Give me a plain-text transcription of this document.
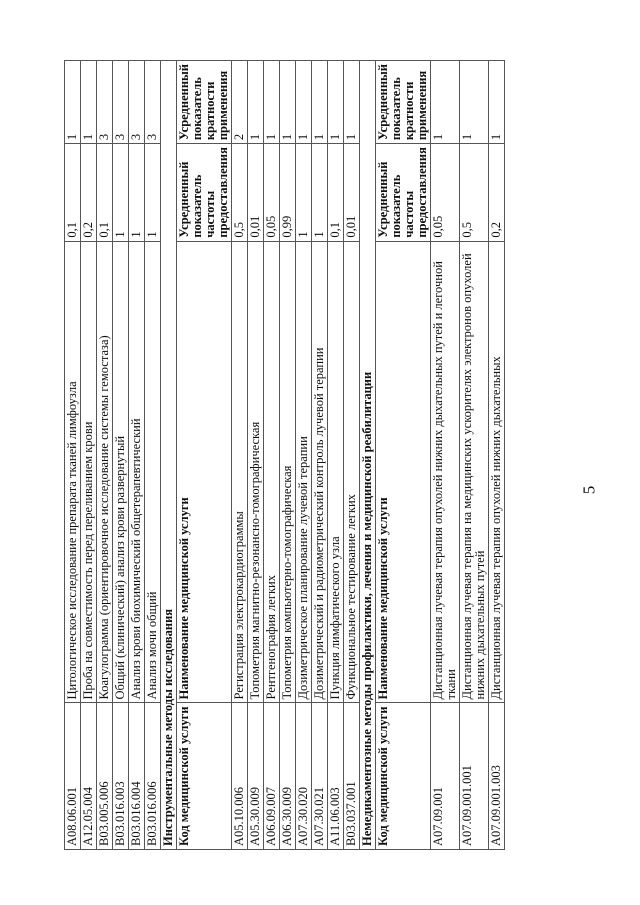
5
A08.06.001	Цитологическое исследование препарата тканей лимфоузла	0,1	1
A12.05.004	Проба на совместимость перед переливанием крови	0,2	1
B03.005.006	Коагулограмма (ориентировочное исследование системы гемостаза)	0,1	3
B03.016.003	Общий (клинический) анализ крови развернутый	1	3
B03.016.004	Анализ крови биохимический общетерапевтический	1	3
B03.016.006	Анализ мочи общий	1	3
Инструментальные методы исследования			
Код медицинской услуги	Наименование медицинской услуги	Усредненный показатель частоты предоставления	Усредненный показатель кратности применения
A05.10.006	Регистрация электрокардиограммы	0,5	2
A05.30.009	Топометрия магнитно-резонансно-томографическая	0,01	1
A06.09.007	Рентгенография легких	0,05	1
A06.30.009	Топометрия компьютерно-томографическая	0,99	1
A07.30.020	Дозиметрическое планирование лучевой терапии	1	1
A07.30.021	Дозиметрический и радиометрический контроль лучевой терапии	1	1
A11.06.003	Пункция лимфатического узла	0,1	1
B03.037.001	Функциональное тестирование легких	0,01	1
Немедикаментозные методы профилактики, лечения и медицинской реабилитации			
Код медицинской услуги	Наименование медицинской услуги	Усредненный показатель частоты предоставления	Усредненный показатель кратности применения
A07.09.001	Дистанционная лучевая терапия опухолей нижних дыхательных путей и легочной ткани	0,05	1
A07.09.001.001	Дистанционная лучевая терапия на медицинских ускорителях электронов опухолей нижних дыхательных путей	0,5	1
A07.09.001.003	Дистанционная лучевая терапия опухолей нижних дыхательных	0,2	1
